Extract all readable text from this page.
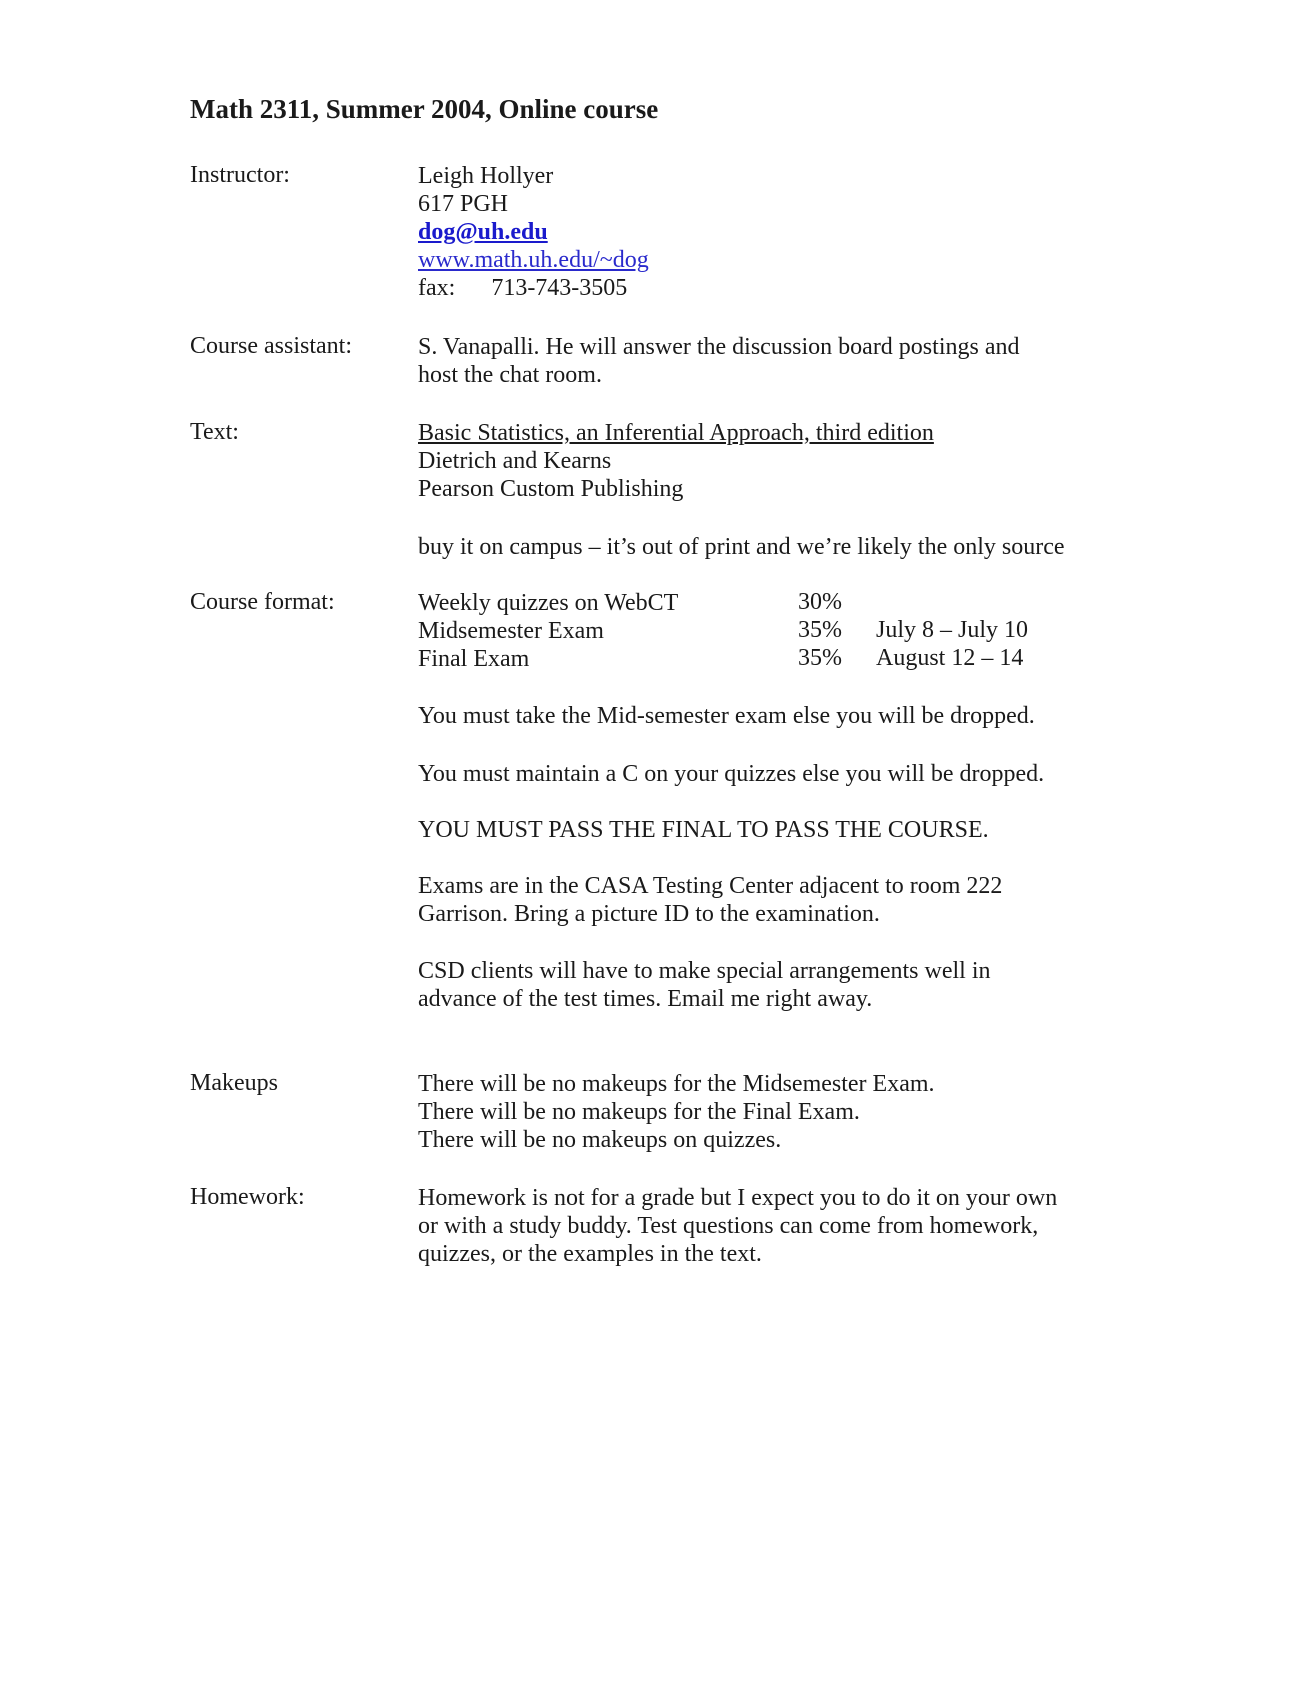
Math 2311, Summer 2004, Online course
Instructor:	Leigh Hollyer
617 PGH
dog@uh.edu
www.math.uh.edu/~dog
fax: 713-743-3505
Course assistant:	S. Vanapalli. He will answer the discussion board postings and
host the chat room.
Text:	Basic Statistics, an Inferential Approach, third edition
Dietrich and Kearns
Pearson Custom Publishing
buy it on campus – it’s out of print and we’re likely the only source
Course format:	Weekly quizzes on WebCT	30%
Midsemester Exam	35% July 8 – July 10
Final Exam	35% August 12 – 14
You must take the Mid-semester exam else you will be dropped.
You must maintain a C on your quizzes else you will be dropped.
YOU MUST PASS THE FINAL TO PASS THE COURSE.
Exams are in the CASA Testing Center adjacent to room 222
Garrison. Bring a picture ID to the examination.
CSD clients will have to make special arrangements well in
advance of the test times. Email me right away.
Makeups	There will be no makeups for the Midsemester Exam.
There will be no makeups for the Final Exam.
There will be no makeups on quizzes.
Homework:	Homework is not for a grade but I expect you to do it on your own
or with a study buddy. Test questions can come from homework,
quizzes, or the examples in the text.
